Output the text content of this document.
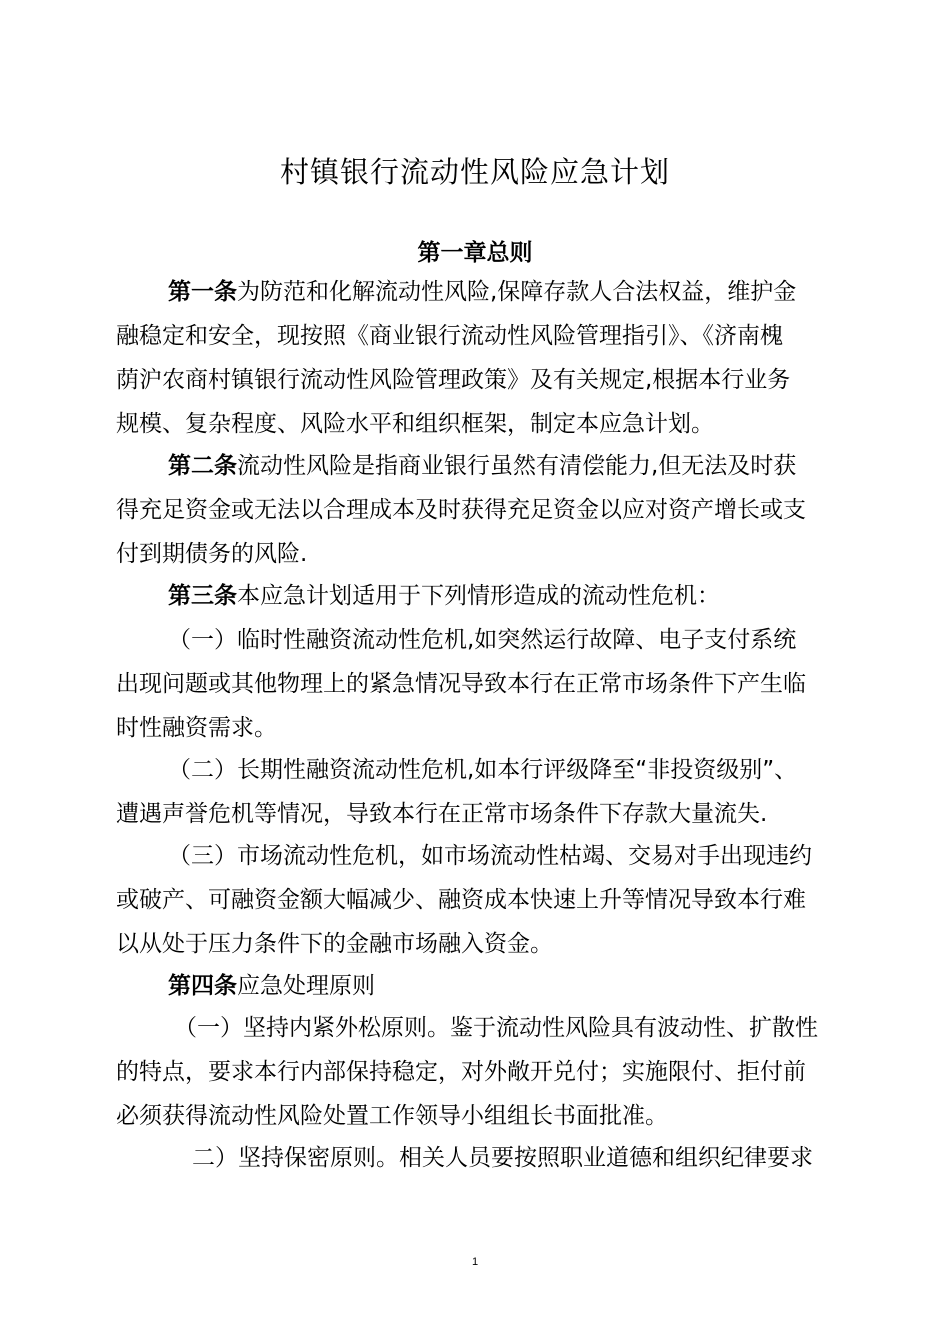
村镇银行流动性风险应急计划
第一章总则
第一条为防范和化解流动性风险,保障存款人合法权益，维护金
融稳定和安全，现按照《商业银行流动性风险管理指引》、《济南槐
荫沪农商村镇银行流动性风险管理政策》及有关规定,根据本行业务
规模、复杂程度、风险水平和组织框架，制定本应急计划。
第二条流动性风险是指商业银行虽然有清偿能力,但无法及时获
得充足资金或无法以合理成本及时获得充足资金以应对资产增长或支
付到期债务的风险.
第三条本应急计划适用于下列情形造成的流动性危机：
（一）临时性融资流动性危机,如突然运行故障、电子支付系统
出现问题或其他物理上的紧急情况导致本行在正常市场条件下产生临
时性融资需求。
（二）长期性融资流动性危机,如本行评级降至“非投资级别”、
遭遇声誉危机等情况，导致本行在正常市场条件下存款大量流失.
（三）市场流动性危机，如市场流动性枯竭、交易对手出现违约
或破产、可融资金额大幅减少、融资成本快速上升等情况导致本行难
以从处于压力条件下的金融市场融入资金。
第四条应急处理原则
（一）坚持内紧外松原则。鉴于流动性风险具有波动性、扩散性
的特点，要求本行内部保持稳定，对外敞开兑付；实施限付、拒付前
必须获得流动性风险处置工作领导小组组长书面批准。
二）坚持保密原则。相关人员要按照职业道德和组织纪律要求
1
